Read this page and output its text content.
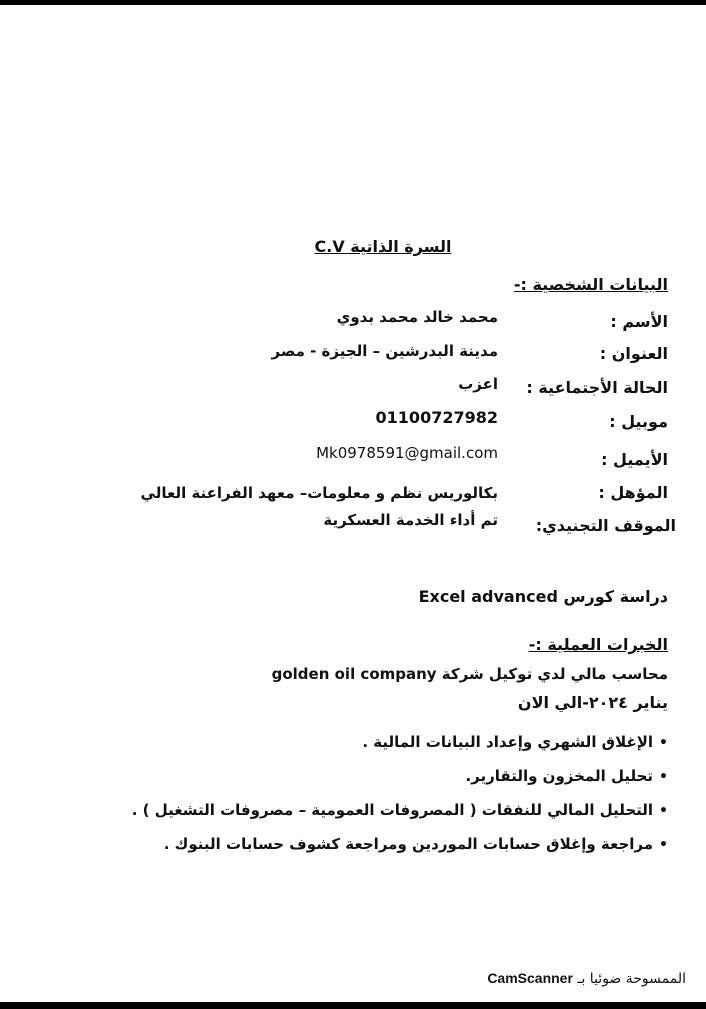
السرة الذاتية C.V
البيانات الشخصية :-
الأسم :
محمد خالد محمد بدوي
العنوان :
مدينة البدرشين – الجيزة - مصر
الحالة الأجتماعية :
اعزب
موبيل :
01100727982
الأيميل :
Mk0978591@gmail.com
المؤهل :
بكالوريس نظم و معلومات– معهد الفراعنة العالي
الموقف التجنيدي:
تم أداء الخدمة العسكرية
دراسة كورس Excel advanced
الخبرات العملية :-
محاسب مالي لدي توكيل شركة golden oil company
يناير ٢٠٢٤-الي الان
•الإغلاق الشهري وإعداد البيانات المالية .
•تحليل المخزون والتقارير.
•التحليل المالي للنفقات ( المصروفات العمومية – مصروفات التشغيل ) .
•مراجعة وإغلاق حسابات الموردين ومراجعة كشوف حسابات البنوك .
الممسوحة ضوئيا بـ CamScanner
